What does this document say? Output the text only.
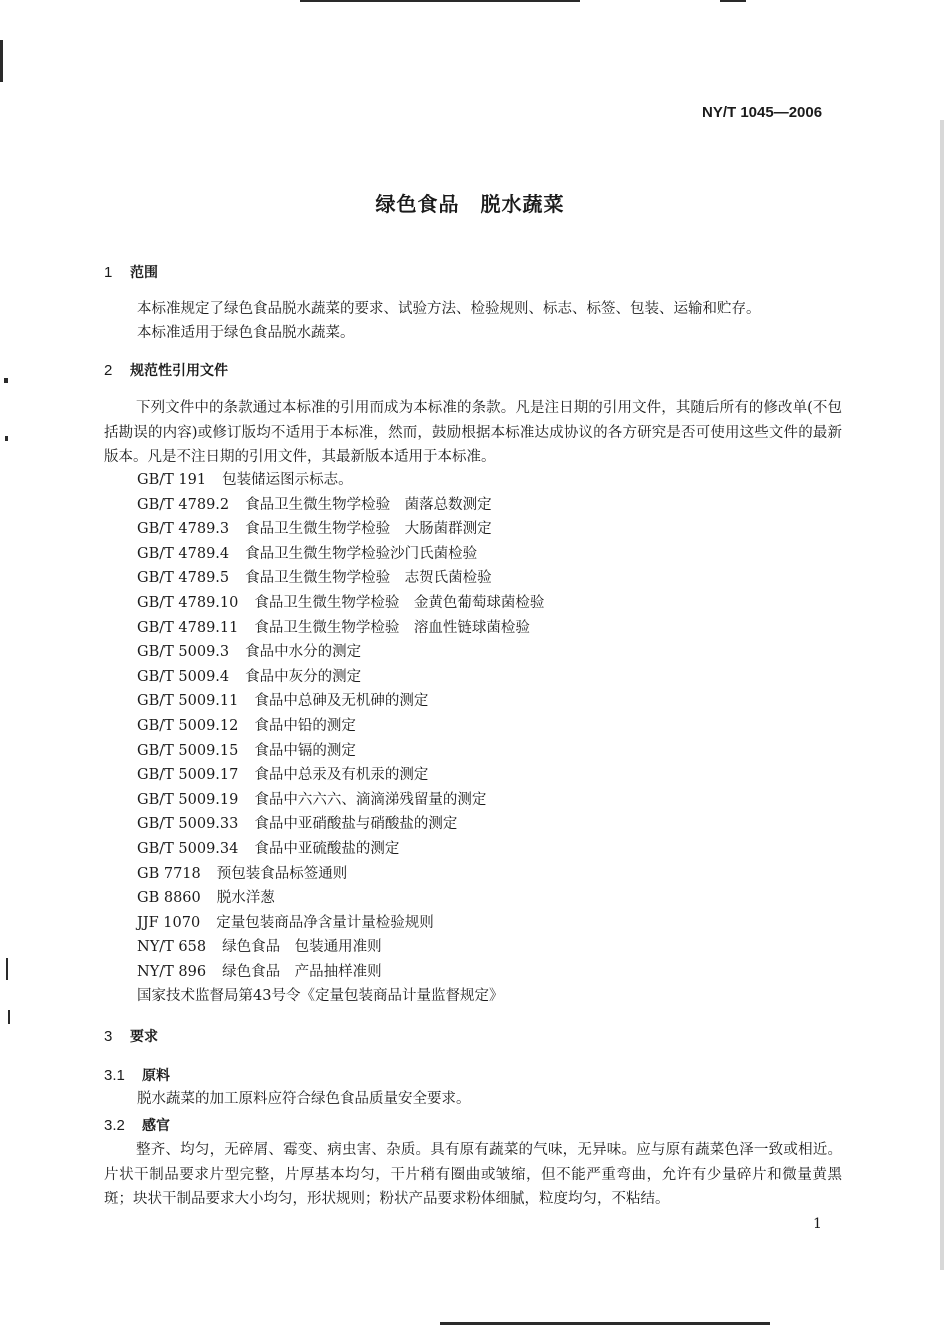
NY/T 1045—2006
绿色食品　脱水蔬菜
1 范围
本标准规定了绿色食品脱水蔬菜的要求、试验方法、检验规则、标志、标签、包装、运输和贮存。
本标准适用于绿色食品脱水蔬菜。
2 规范性引用文件
下列文件中的条款通过本标准的引用而成为本标准的条款。凡是注日期的引用文件，其随后所有的修改单(不包括勘误的内容)或修订版均不适用于本标准，然而，鼓励根据本标准达成协议的各方研究是否可使用这些文件的最新版本。凡是不注日期的引用文件，其最新版本适用于本标准。
GB/T 191 包装储运图示标志。
GB/T 4789.2 食品卫生微生物学检验　菌落总数测定
GB/T 4789.3 食品卫生微生物学检验　大肠菌群测定
GB/T 4789.4 食品卫生微生物学检验沙门氏菌检验
GB/T 4789.5 食品卫生微生物学检验　志贺氏菌检验
GB/T 4789.10 食品卫生微生物学检验　金黄色葡萄球菌检验
GB/T 4789.11 食品卫生微生物学检验　溶血性链球菌检验
GB/T 5009.3 食品中水分的测定
GB/T 5009.4 食品中灰分的测定
GB/T 5009.11 食品中总砷及无机砷的测定
GB/T 5009.12 食品中铅的测定
GB/T 5009.15 食品中镉的测定
GB/T 5009.17 食品中总汞及有机汞的测定
GB/T 5009.19 食品中六六六、滴滴涕残留量的测定
GB/T 5009.33 食品中亚硝酸盐与硝酸盐的测定
GB/T 5009.34 食品中亚硫酸盐的测定
GB 7718 预包装食品标签通则
GB 8860 脱水洋葱
JJF 1070 定量包装商品净含量计量检验规则
NY/T 658 绿色食品　包装通用准则
NY/T 896 绿色食品　产品抽样准则
国家技术监督局第43号令《定量包装商品计量监督规定》
3 要求
3.1 原料
脱水蔬菜的加工原料应符合绿色食品质量安全要求。
3.2 感官
整齐、均匀，无碎屑、霉变、病虫害、杂质。具有原有蔬菜的气味，无异味。应与原有蔬菜色泽一致或相近。片状干制品要求片型完整，片厚基本均匀，干片稍有圈曲或皱缩，但不能严重弯曲，允许有少量碎片和微量黄黑斑；块状干制品要求大小均匀，形状规则；粉状产品要求粉体细腻，粒度均匀，不粘结。
1
